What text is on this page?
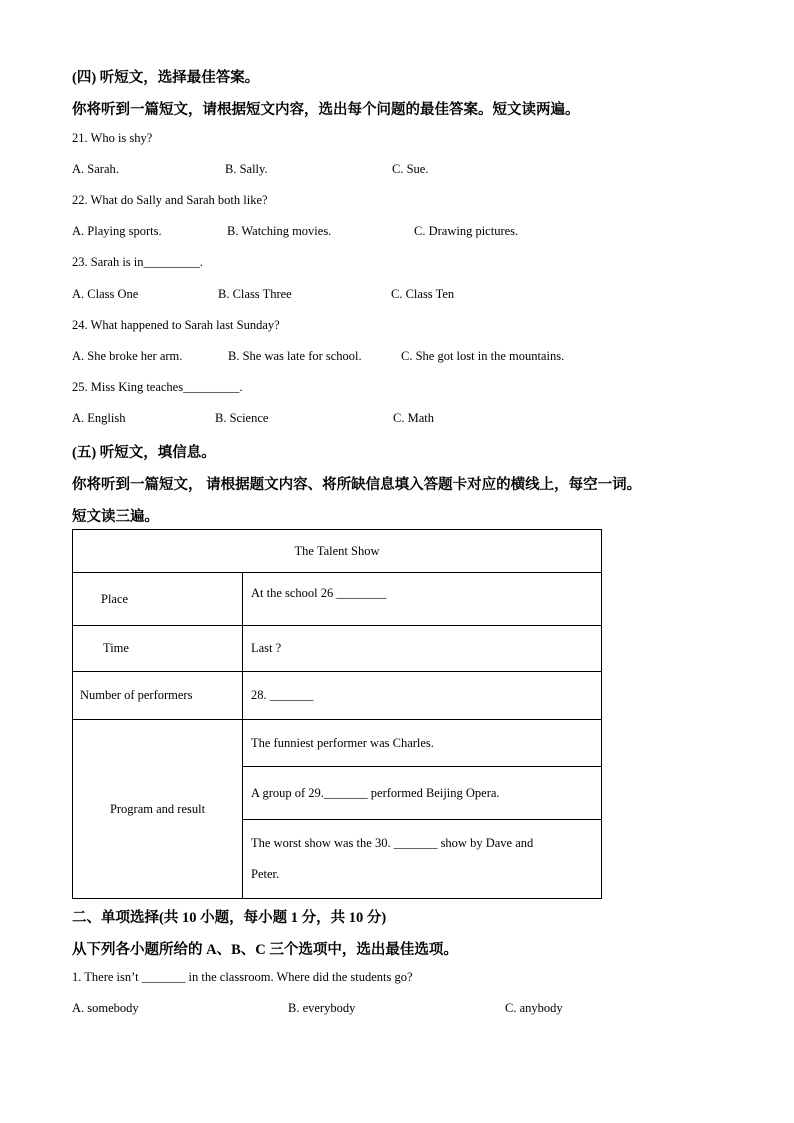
(四) 听短文，选择最佳答案。
你将听到一篇短文，请根据短文内容，选出每个问题的最佳答案。短文读两遍。
21. Who is shy?
A. Sarah.	B. Sally.	C. Sue.
22. What do Sally and Sarah both like?
A. Playing sports.	B. Watching movies.	C. Drawing pictures.
23. Sarah is in_________.
A. Class One	B. Class Three	C. Class Ten
24. What happened to Sarah last Sunday?
A. She broke her arm.	B. She was late for school.	C. She got lost in the mountains.
25. Miss King teaches_________.
A. English	B. Science	C. Math
(五) 听短文，填信息。
你将听到一篇短文， 请根据题文内容、将所缺信息填入答题卡对应的横线上，每空一词。
短文读三遍。
The Talent Show	
Place	At the school 26 ________
Time	Last ?
Number of performers	28. _______
Program and result	The funniest performer was Charles.
	A group of 29._______ performed Beijing Opera.

	The worst show was the 30. _______ show by Dave and
Peter.
二、单项选择(共 10 小题，每小题 1 分，共 10 分)
从下列各小题所给的 A、B、C 三个选项中，选出最佳选项。
1. There isn’t _______ in the classroom. Where did the students go?
A. somebody	B. everybody	C. anybody
